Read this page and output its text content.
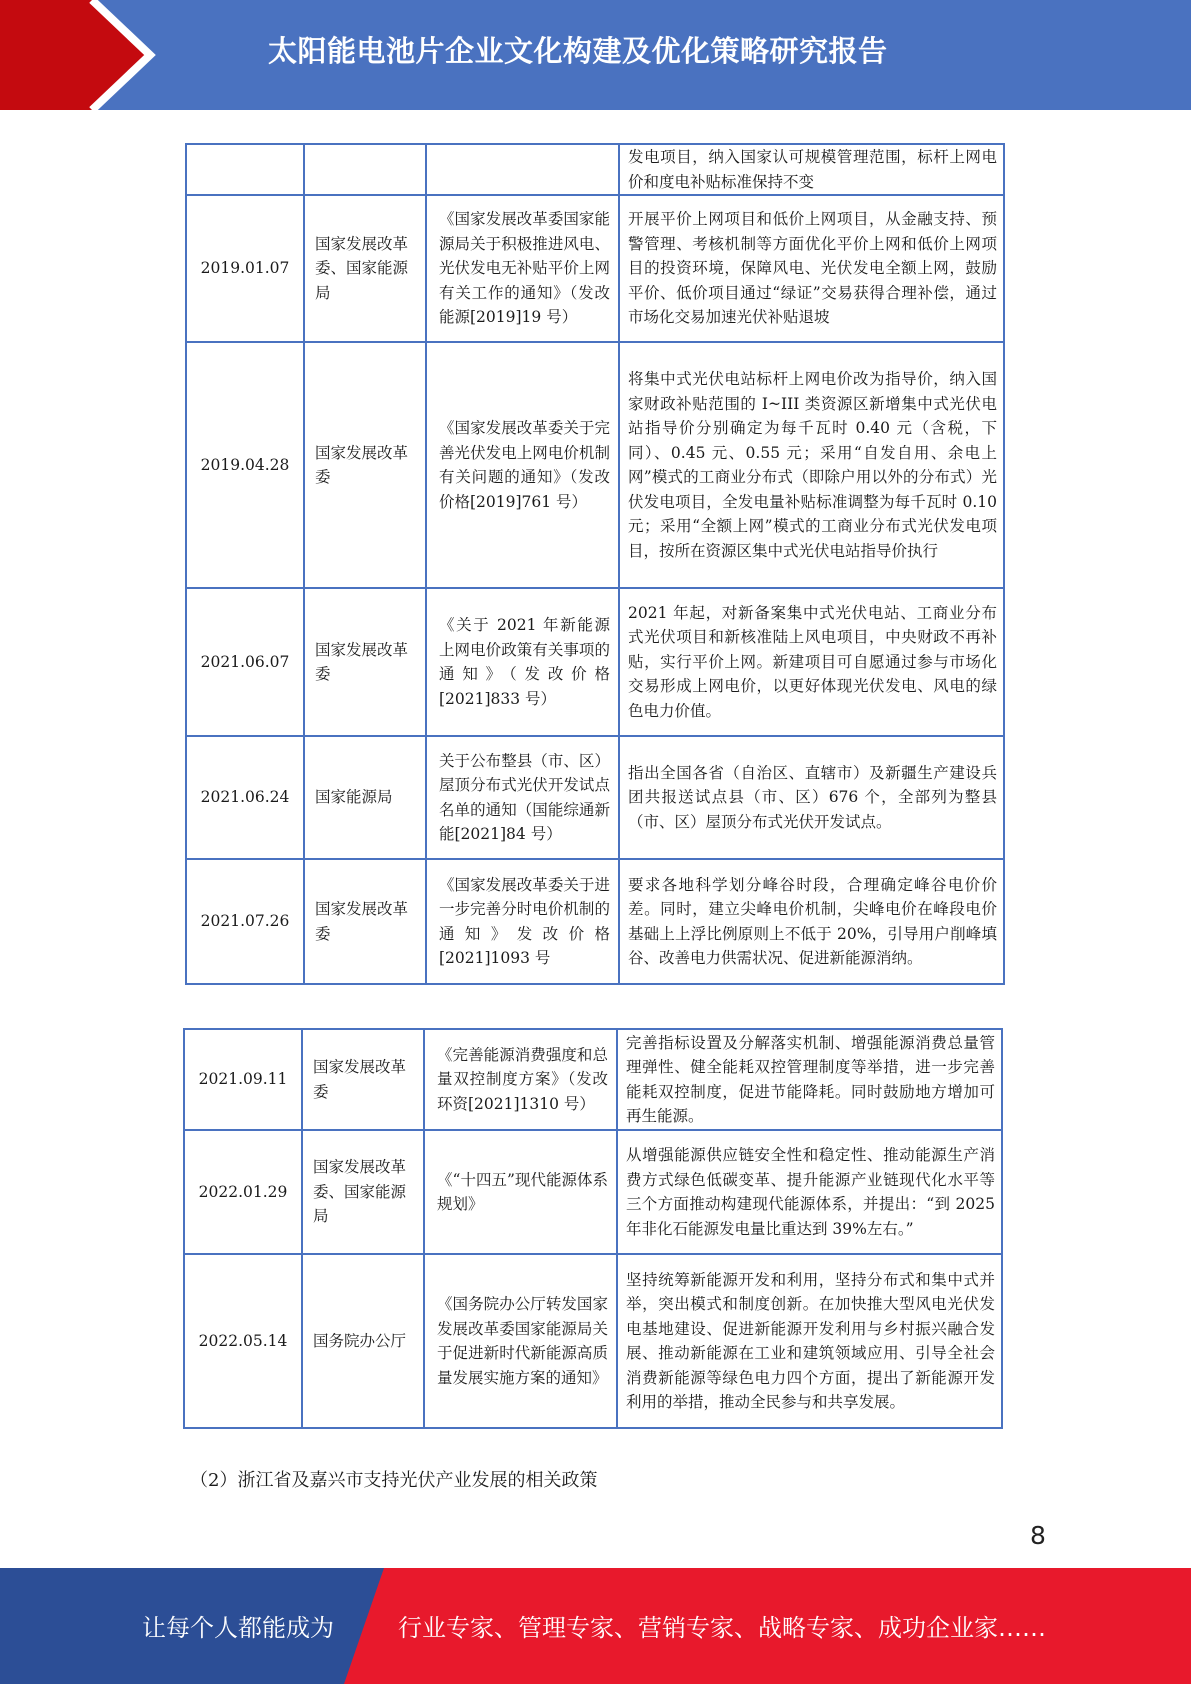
太阳能电池片企业文化构建及优化策略研究报告
			发电项目，纳入国家认可规模管理范围，标杆上网电价和度电补贴标准保持不变
2019.01.07	国家发展改革委、国家能源局	《国家发展改革委国家能源局关于积极推进风电、光伏发电无补贴平价上网有关工作的通知》（发改能源[2019]19 号）	开展平价上网项目和低价上网项目，从金融支持、预警管理、考核机制等方面优化平价上网和低价上网项目的投资环境，保障风电、光伏发电全额上网，鼓励平价、低价项目通过“绿证”交易获得合理补偿，通过市场化交易加速光伏补贴退坡
2019.04.28	国家发展改革委	《国家发展改革委关于完善光伏发电上网电价机制有关问题的通知》（发改价格[2019]761 号）	将集中式光伏电站标杆上网电价改为指导价，纳入国家财政补贴范围的 I~III 类资源区新增集中式光伏电站指导价分别确定为每千瓦时 0.40 元（含税，下同）、0.45 元、0.55 元；采用“自发自用、余电上网”模式的工商业分布式（即除户用以外的分布式）光伏发电项目，全发电量补贴标准调整为每千瓦时 0.10 元；采用“全额上网”模式的工商业分布式光伏发电项目，按所在资源区集中式光伏电站指导价执行
2021.06.07	国家发展改革委	《关于 2021 年新能源上网电价政策有关事项的通知》（发改价格[2021]833 号）	2021 年起，对新备案集中式光伏电站、工商业分布式光伏项目和新核准陆上风电项目，中央财政不再补贴，实行平价上网。新建项目可自愿通过参与市场化交易形成上网电价，以更好体现光伏发电、风电的绿色电力价值。
2021.06.24	国家能源局	关于公布整县（市、区）屋顶分布式光伏开发试点名单的通知（国能综通新能[2021]84 号）	指出全国各省（自治区、直辖市）及新疆生产建设兵团共报送试点县（市、区）676 个，全部列为整县（市、区）屋顶分布式光伏开发试点。
2021.07.26	国家发展改革委	《国家发展改革委关于进一步完善分时电价机制的通知》发改价格[2021]1093 号	要求各地科学划分峰谷时段，合理确定峰谷电价价差。同时，建立尖峰电价机制，尖峰电价在峰段电价基础上上浮比例原则上不低于 20%，引导用户削峰填谷、改善电力供需状况、促进新能源消纳。
2021.09.11	国家发展改革委	《完善能源消费强度和总量双控制度方案》（发改环资[2021]1310 号）	完善指标设置及分解落实机制、增强能源消费总量管理弹性、健全能耗双控管理制度等举措，进一步完善能耗双控制度，促进节能降耗。同时鼓励地方增加可再生能源。
2022.01.29	国家发展改革委、国家能源局	《“十四五”现代能源体系规划》	从增强能源供应链安全性和稳定性、推动能源生产消费方式绿色低碳变革、提升能源产业链现代化水平等三个方面推动构建现代能源体系，并提出：“到 2025 年非化石能源发电量比重达到 39%左右。”
2022.05.14	国务院办公厅	《国务院办公厅转发国家发展改革委国家能源局关于促进新时代新能源高质量发展实施方案的通知》	坚持统筹新能源开发和利用，坚持分布式和集中式并举，突出模式和制度创新。在加快推大型风电光伏发电基地建设、促进新能源开发利用与乡村振兴融合发展、推动新能源在工业和建筑领域应用、引导全社会消费新能源等绿色电力四个方面，提出了新能源开发利用的举措，推动全民参与和共享发展。
（2）浙江省及嘉兴市支持光伏产业发展的相关政策
8
让每个人都能成为	行业专家、管理专家、营销专家、战略专家、成功企业家……
